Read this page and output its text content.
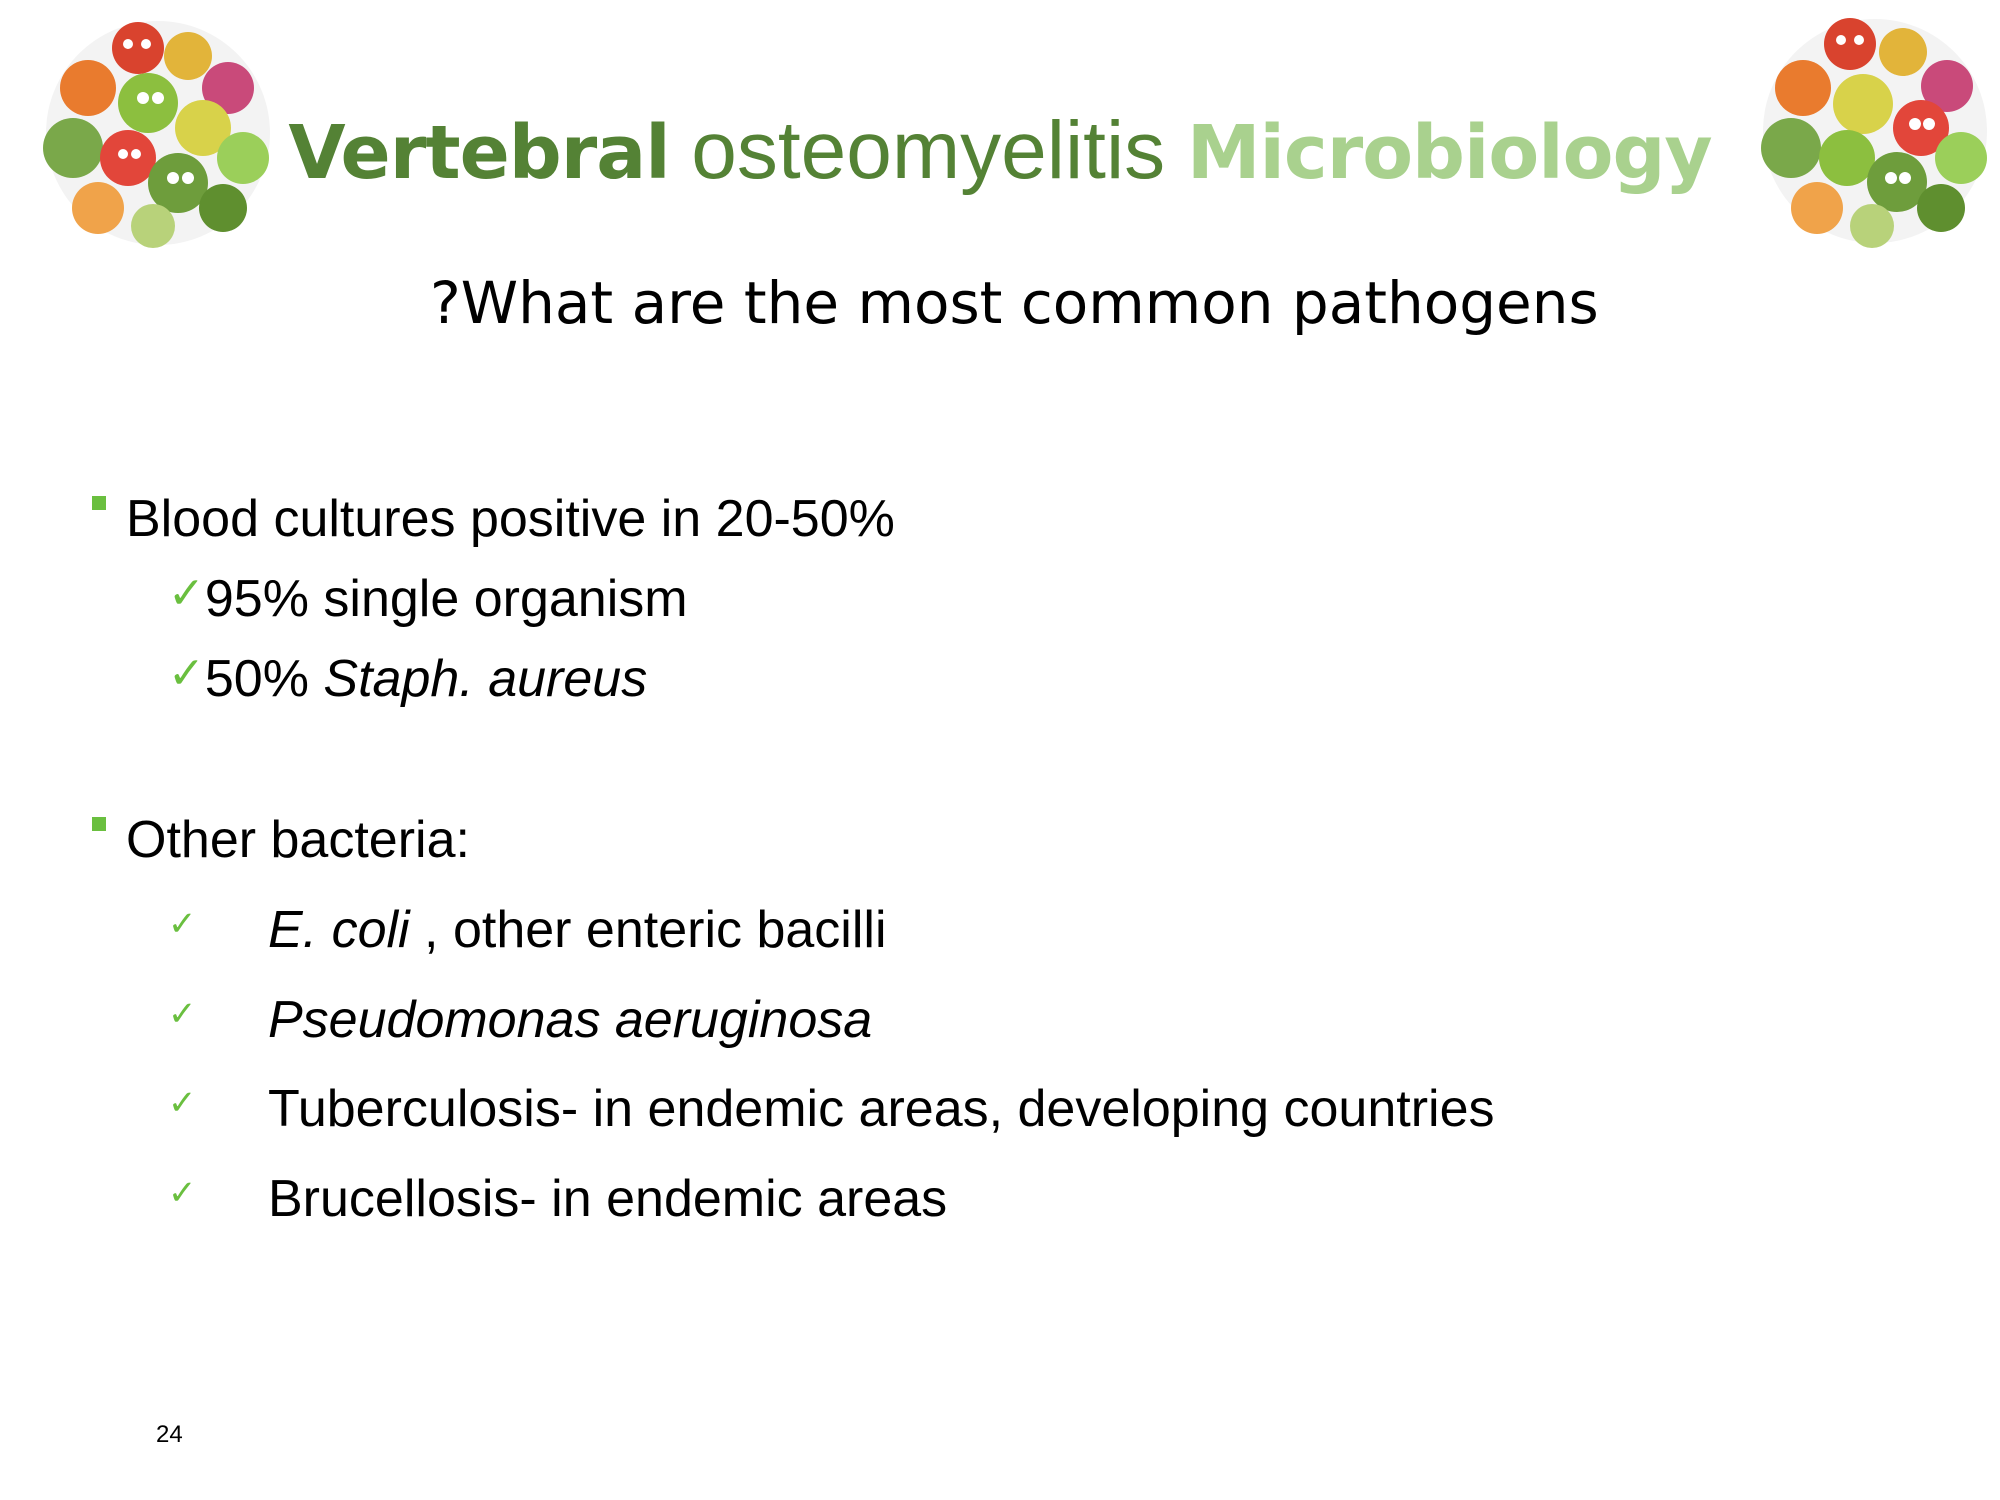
Vertebral osteomyelitis Microbiology
?What are the most common pathogens
Blood cultures positive in 20-50%
✓95% single organism
✓50% Staph. aureus
Other bacteria:
✓ E. coli , other enteric bacilli
✓ Pseudomonas aeruginosa
✓ Tuberculosis- in endemic areas, developing countries
✓ Brucellosis- in endemic areas
24
